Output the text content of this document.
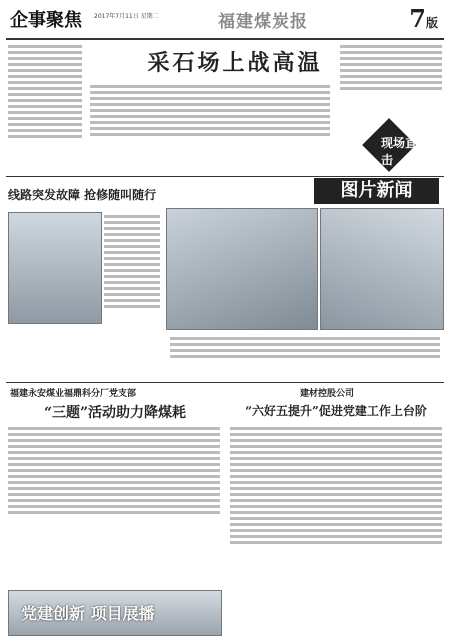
企事聚焦 2017年7月11日 星期二	福建煤炭报	7版
采石场上战高温
现场直击
线路突发故障 抢修随叫随行	图片新闻
福建永安煤业福鼎科分厂党支部
“三题”活动助力降煤耗
建材控股公司
“六好五提升”促进党建工作上台阶
党建创新 项目展播
